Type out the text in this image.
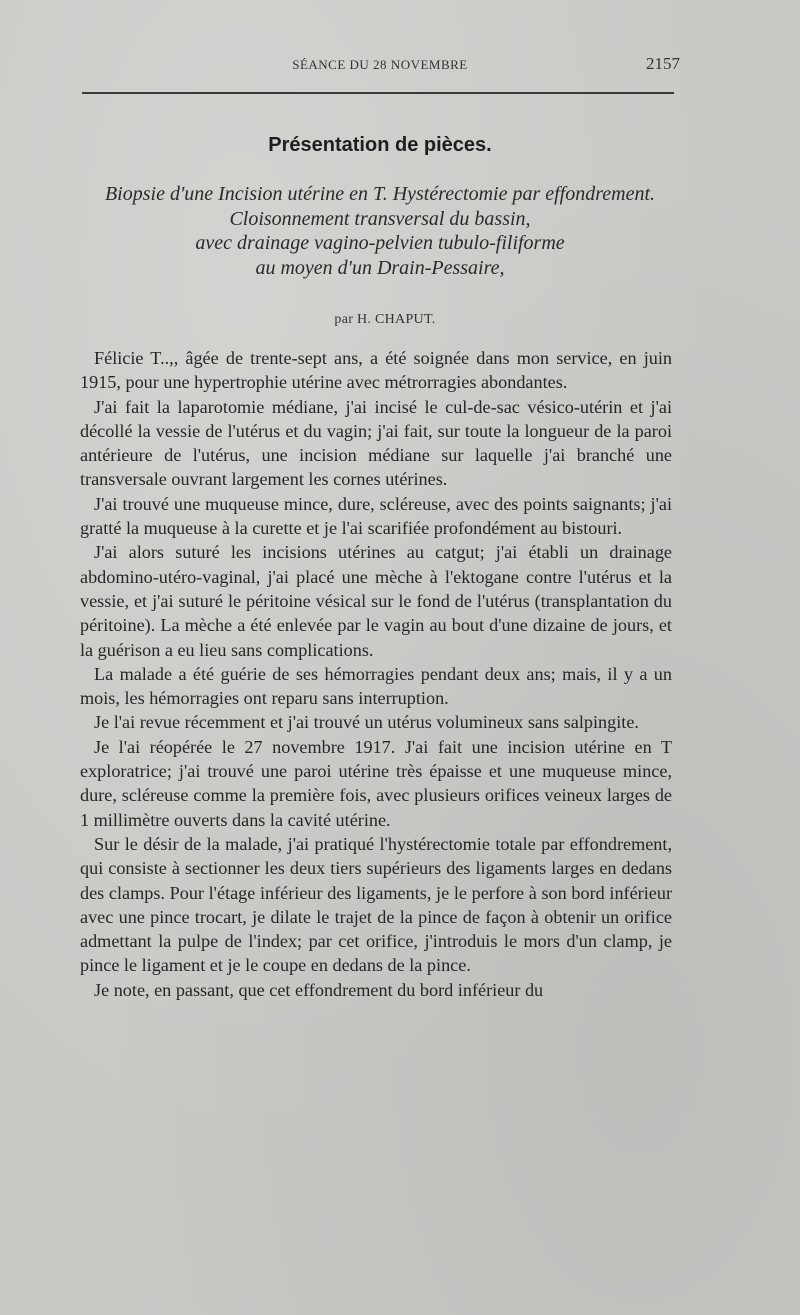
SÉANCE DU 28 NOVEMBRE	2157
Présentation de pièces.
Biopsie d'une Incision utérine en T. Hystérectomie par effondrement.
Cloisonnement transversal du bassin,
avec drainage vagino-pelvien tubulo-filiforme
au moyen d'un Drain-Pessaire,
par H. CHAPUT.

Félicie T..,, âgée de trente-sept ans, a été soignée dans mon service, en juin 1915, pour une hypertrophie utérine avec métrorragies abondantes.

J'ai fait la laparotomie médiane, j'ai incisé le cul-de-sac vésico-utérin et j'ai décollé la vessie de l'utérus et du vagin; j'ai fait, sur toute la longueur de la paroi antérieure de l'utérus, une incision médiane sur laquelle j'ai branché une transversale ouvrant largement les cornes utérines.

J'ai trouvé une muqueuse mince, dure, scléreuse, avec des points saignants; j'ai gratté la muqueuse à la curette et je l'ai scarifiée profondément au bistouri.

J'ai alors suturé les incisions utérines au catgut; j'ai établi un drainage abdomino-utéro-vaginal, j'ai placé une mèche à l'ektogane contre l'utérus et la vessie, et j'ai suturé le péritoine vésical sur le fond de l'utérus (transplantation du péritoine). La mèche a été enlevée par le vagin au bout d'une dizaine de jours, et la guérison a eu lieu sans complications.

La malade a été guérie de ses hémorragies pendant deux ans; mais, il y a un mois, les hémorragies ont reparu sans interruption.

Je l'ai revue récemment et j'ai trouvé un utérus volumineux sans salpingite.

Je l'ai réopérée le 27 novembre 1917. J'ai fait une incision utérine en T exploratrice; j'ai trouvé une paroi utérine très épaisse et une muqueuse mince, dure, scléreuse comme la première fois, avec plusieurs orifices veineux larges de 1 millimètre ouverts dans la cavité utérine.

Sur le désir de la malade, j'ai pratiqué l'hystérectomie totale par effondrement, qui consiste à sectionner les deux tiers supérieurs des ligaments larges en dedans des clamps. Pour l'étage inférieur des ligaments, je le perfore à son bord inférieur avec une pince trocart, je dilate le trajet de la pince de façon à obtenir un orifice admettant la pulpe de l'index; par cet orifice, j'introduis le mors d'un clamp, je pince le ligament et je le coupe en dedans de la pince.

Je note, en passant, que cet effondrement du bord inférieur du
